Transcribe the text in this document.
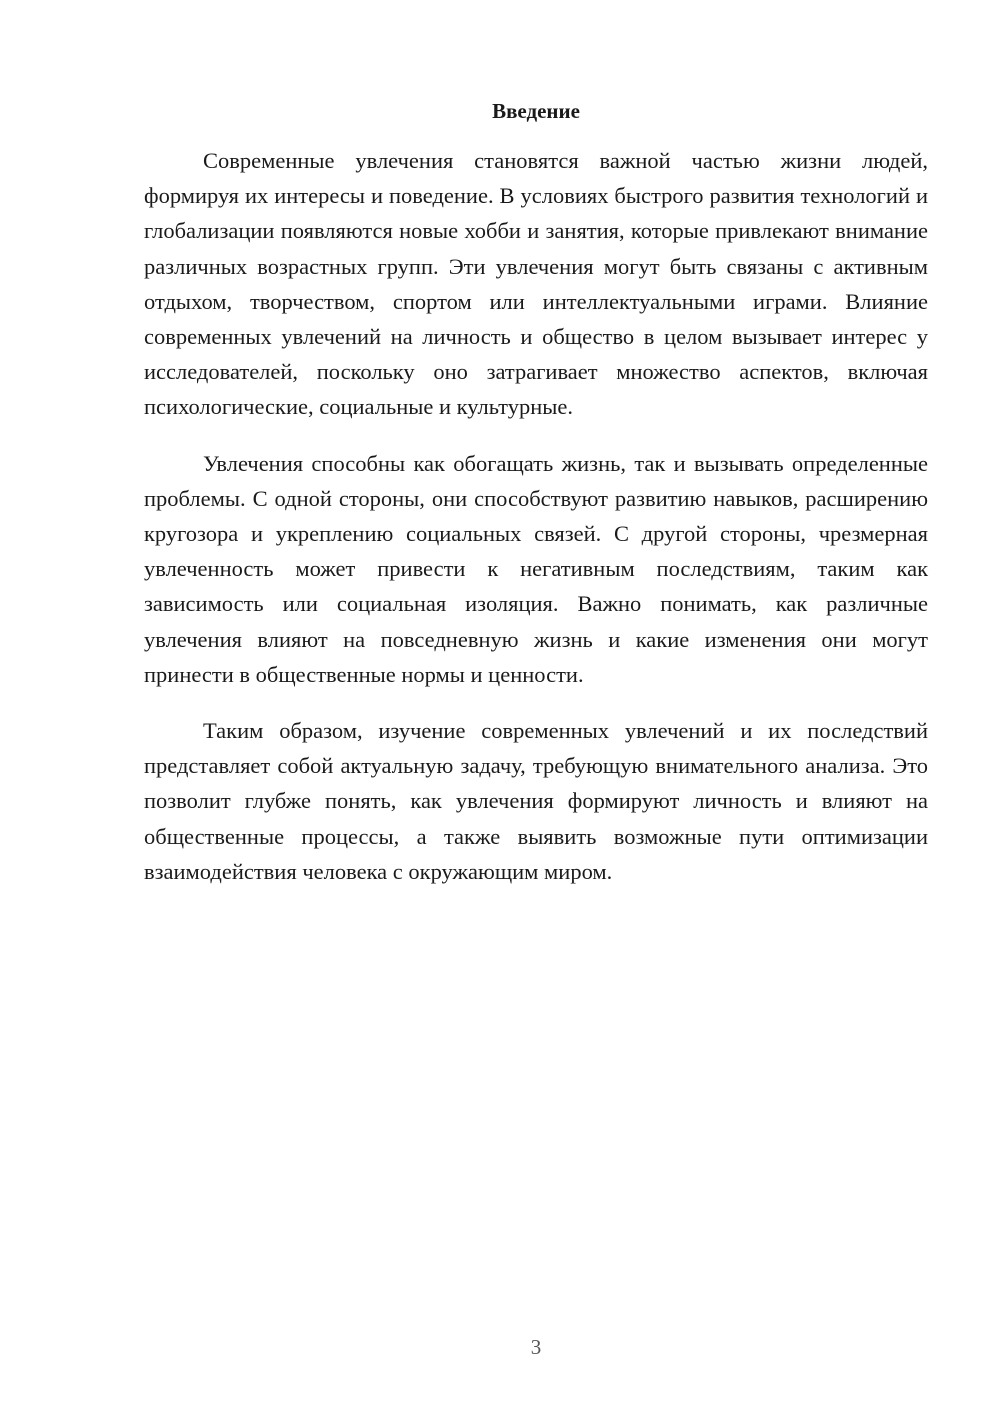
Введение

Современные увлечения становятся важной частью жизни людей, формируя их интересы и поведение. В условиях быстрого развития технологий и глобализации появляются новые хобби и занятия, которые привлекают внимание различных возрастных групп. Эти увлечения могут быть связаны с активным отдыхом, творчеством, спортом или интеллектуальными играми. Влияние современных увлечений на личность и общество в целом вызывает интерес у исследователей, поскольку оно затрагивает множество аспектов, включая психологические, социальные и культурные.

Увлечения способны как обогащать жизнь, так и вызывать определенные проблемы. С одной стороны, они способствуют развитию навыков, расширению кругозора и укреплению социальных связей. С другой стороны, чрезмерная увлеченность может привести к негативным последствиям, таким как зависимость или социальная изоляция. Важно понимать, как различные увлечения влияют на повседневную жизнь и какие изменения они могут принести в общественные нормы и ценности.

Таким образом, изучение современных увлечений и их последствий представляет собой актуальную задачу, требующую внимательного анализа. Это позволит глубже понять, как увлечения формируют личность и влияют на общественные процессы, а также выявить возможные пути оптимизации взаимодействия человека с окружающим миром.

3
